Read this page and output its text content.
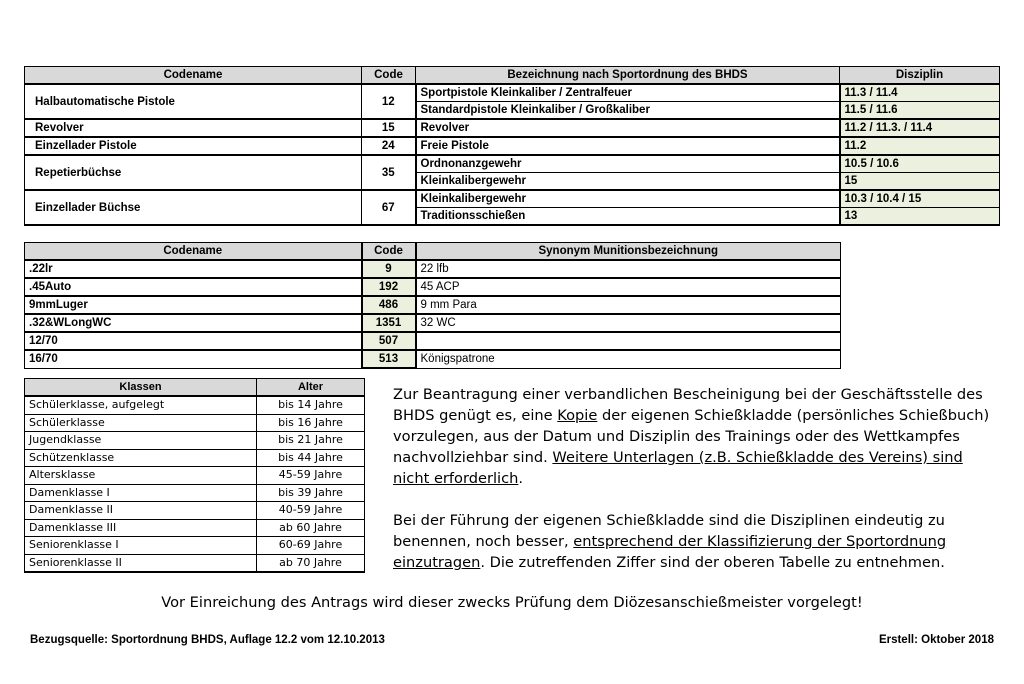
Codename	Code	Bezeichnung nach Sportordnung des BHDS	Disziplin
Halbautomatische Pistole	12	Sportpistole Kleinkaliber / Zentralfeuer	11.3 / 11.4
		Standardpistole Kleinkaliber / Großkaliber	11.5 / 11.6
Revolver	15	Revolver	11.2 / 11.3. / 11.4
Einzellader Pistole	24	Freie Pistole	11.2
Repetierbüchse	35	Ordnonanzgewehr	10.5 / 10.6
		Kleinkalibergewehr	15
Einzellader Büchse	67	Kleinkalibergewehr	10.3 / 10.4 / 15
		Traditionsschießen	13
Codename	Code	Synonym Munitionsbezeichnung
.22lr	9	22 lfb
.45Auto	192	45 ACP
9mmLuger	486	9 mm Para
.32&WLongWC	1351	32 WC
12/70	507	
16/70	513	Königspatrone
Klassen	Alter
Schülerklasse, aufgelegt	bis 14 Jahre
Schülerklasse	bis 16 Jahre
Jugendklasse	bis 21 Jahre
Schützenklasse	bis 44 Jahre
Altersklasse	45-59 Jahre
Damenklasse I	bis 39 Jahre
Damenklasse II	40-59 Jahre
Damenklasse III	ab 60 Jahre
Seniorenklasse I	60-69 Jahre
Seniorenklasse II	ab 70 Jahre
Zur Beantragung einer verbandlichen Bescheinigung bei der Geschäftsstelle des BHDS genügt es, eine Kopie der eigenen Schießkladde (persönliches Schießbuch) vorzulegen, aus der Datum und Disziplin des Trainings oder des Wettkampfes nachvollziehbar sind. Weitere Unterlagen (z.B. Schießkladde des Vereins) sind nicht erforderlich.
Bei der Führung der eigenen Schießkladde sind die Disziplinen eindeutig zu benennen, noch besser, entsprechend der Klassifizierung der Sportordnung einzutragen. Die zutreffenden Ziffer sind der oberen Tabelle zu entnehmen.
Vor Einreichung des Antrags wird dieser zwecks Prüfung dem Diözesanschießmeister vorgelegt!
Bezugsquelle: Sportordnung BHDS, Auflage 12.2 vom 12.10.2013	Erstell: Oktober 2018
